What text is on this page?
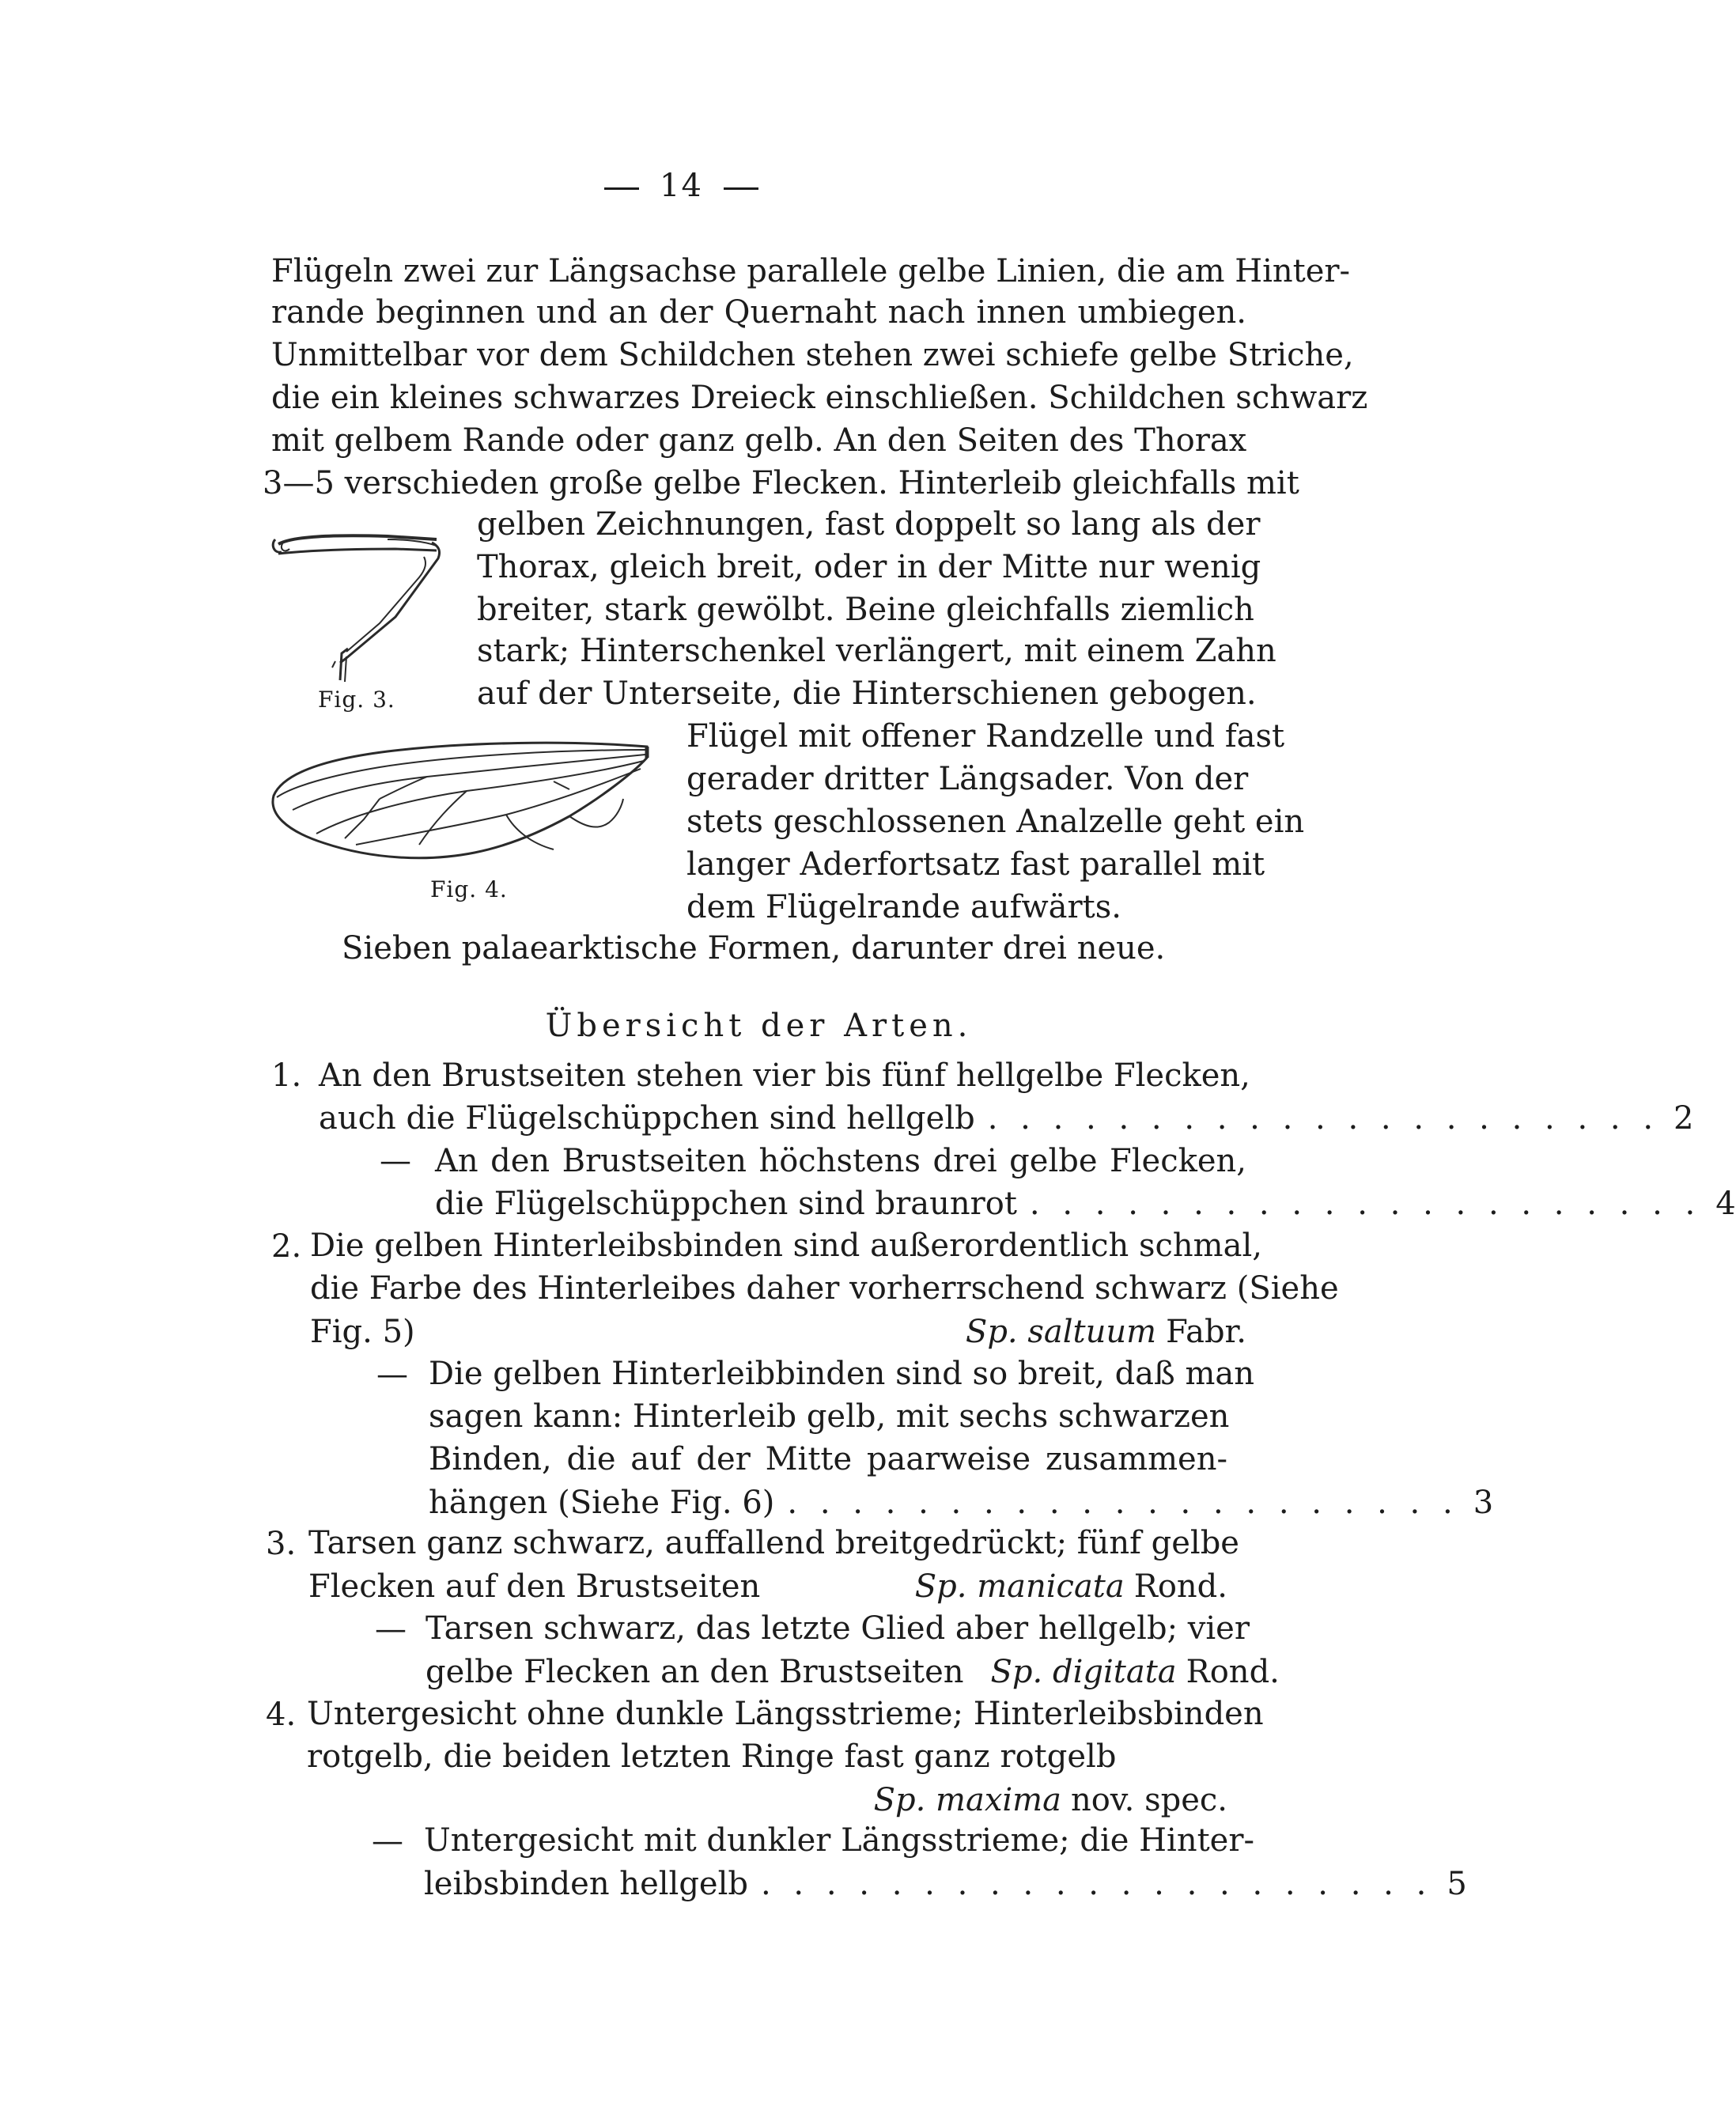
14
Flügeln zwei zur Längsachse parallele gelbe Linien, die am Hinter-
rande beginnen und an der Quernaht nach innen umbiegen.
Unmittelbar vor dem Schildchen stehen zwei schiefe gelbe Striche,
die ein kleines schwarzes Dreieck einschließen. Schildchen schwarz
mit gelbem Rande oder ganz gelb. An den Seiten des Thorax
3—5 verschieden große gelbe Flecken. Hinterleib gleichfalls mit
Fig. 3.
gelben Zeichnungen, fast doppelt so lang als der
Thorax, gleich breit, oder in der Mitte nur wenig
breiter, stark gewölbt. Beine gleichfalls ziemlich
stark; Hinterschenkel verlängert, mit einem Zahn
auf der Unterseite, die Hinterschienen gebogen.
Fig. 4.
Flügel mit offener Randzelle und fast
gerader dritter Längsader. Von der
stets geschlossenen Analzelle geht ein
langer Aderfortsatz fast parallel mit
dem Flügelrande aufwärts.
Sieben palaearktische Formen, darunter drei neue.
Übersicht der Arten.
1. An den Brustseiten stehen vier bis fünf hellgelbe Flecken,
auch die Flügelschüppchen sind hellgelb . . . . . . . . . . . . . . . . . . . . . 2
— An den Brustseiten höchstens drei gelbe Flecken,
die Flügelschüppchen sind braunrot . . . . . . . . . . . . . . . . . . . . . 4
2. Die gelben Hinterleibsbinden sind außerordentlich schmal,
die Farbe des Hinterleibes daher vorherrschend schwarz (Siehe
Fig. 5)	Sp. saltuum Fabr.
— Die gelben Hinterleibbinden sind so breit, daß man
sagen kann: Hinterleib gelb, mit sechs schwarzen
Binden, die auf der Mitte paarweise zusammen-
hängen (Siehe Fig. 6) . . . . . . . . . . . . . . . . . . . . . 3
3. Tarsen ganz schwarz, auffallend breitgedrückt; fünf gelbe
Flecken auf den Brustseiten	Sp. manicata Rond.
— Tarsen schwarz, das letzte Glied aber hellgelb; vier
gelbe Flecken an den Brustseiten Sp. digitata Rond.
4. Untergesicht ohne dunkle Längsstrieme; Hinterleibsbinden
rotgelb, die beiden letzten Ringe fast ganz rotgelb
Sp. maxima nov. spec.
— Untergesicht mit dunkler Längsstrieme; die Hinter-
leibsbinden hellgelb . . . . . . . . . . . . . . . . . . . . . 5
